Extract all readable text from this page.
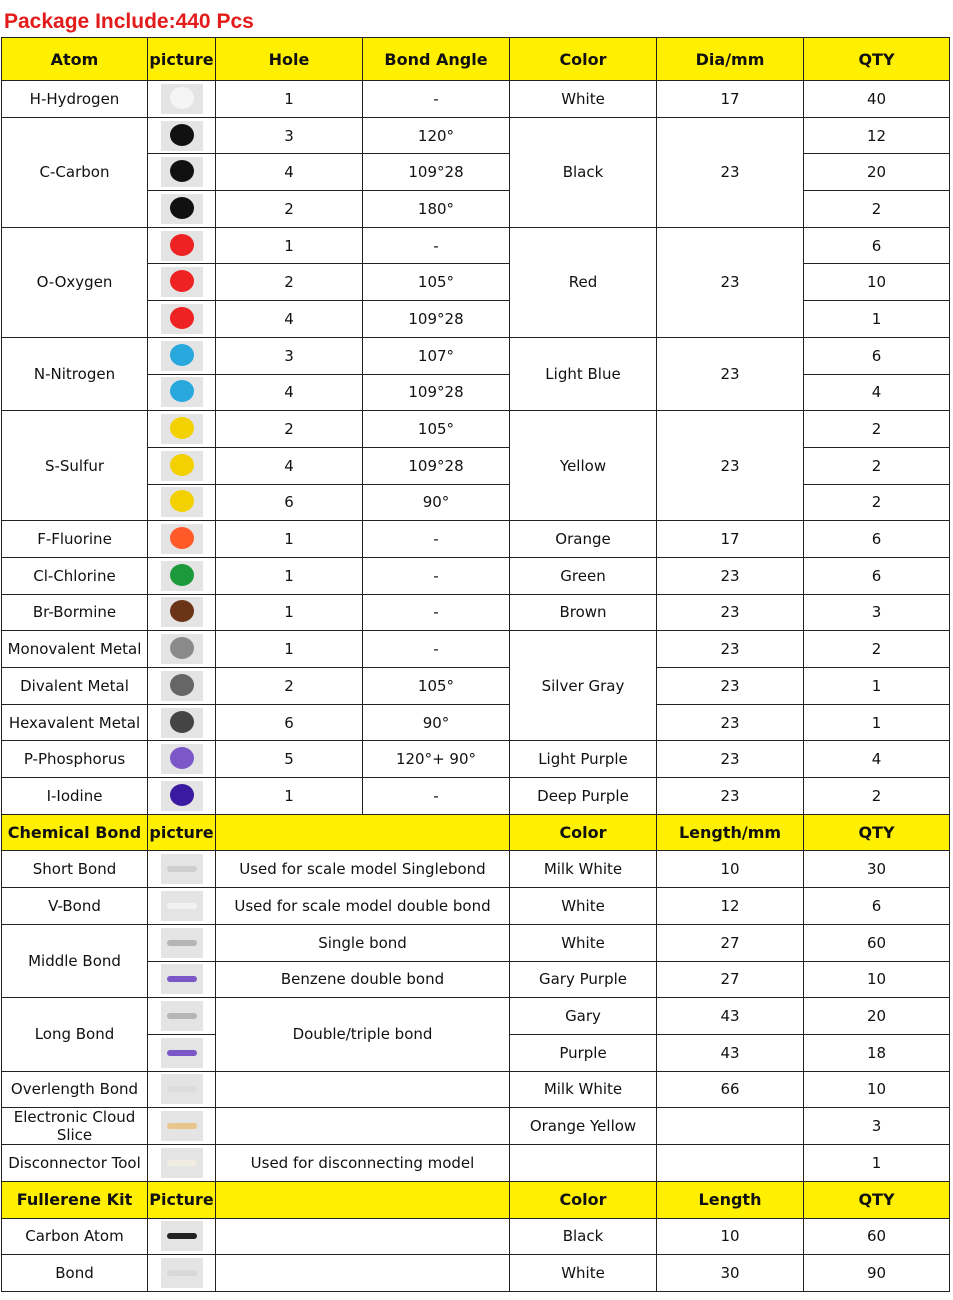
Package Include:440 Pcs
Atom	picture	Hole	Bond Angle	Color	Dia/mm	QTY
H-Hydrogen		1	-	White	17	40
C-Carbon		3	120°	Black	23	12

		4	109°28			20

		2	180°			2
O-Oxygen		1	-	Red	23	6

		2	105°			10

		4	109°28			1
N-Nitrogen		3	107°	Light Blue	23	6

		4	109°28			4
S-Sulfur		2	105°	Yellow	23	2

		4	109°28			2

		6	90°			2
F-Fluorine		1	-	Orange	17	6
Cl-Chlorine		1	-	Green	23	6
Br-Bormine		1	-	Brown	23	3
Monovalent Metal		1	-	Silver Gray	23	2
Divalent Metal		2	105°		23	1
Hexavalent Metal		6	90°		23	1
P-Phosphorus		5	120°+ 90°	Light Purple	23	4
I-Iodine		1	-	Deep Purple	23	2
Chemical Bond	picture			Color	Length/mm	QTY
Short Bond		Used for scale model Singlebond		Milk White	10	30
V-Bond		Used for scale model double bond		White	12	6
Middle Bond		Single bond		White	27	60

		Benzene double bond		Gary Purple	27	10
Long Bond		Double/triple bond		Gary	43	20

				Purple	43	18
Overlength Bond				Milk White	66	10
Electronic Cloud Slice				Orange Yellow		3
Disconnector Tool		Used for disconnecting model				1
Fullerene Kit	Picture			Color	Length	QTY
Carbon Atom				Black	10	60
Bond				White	30	90
